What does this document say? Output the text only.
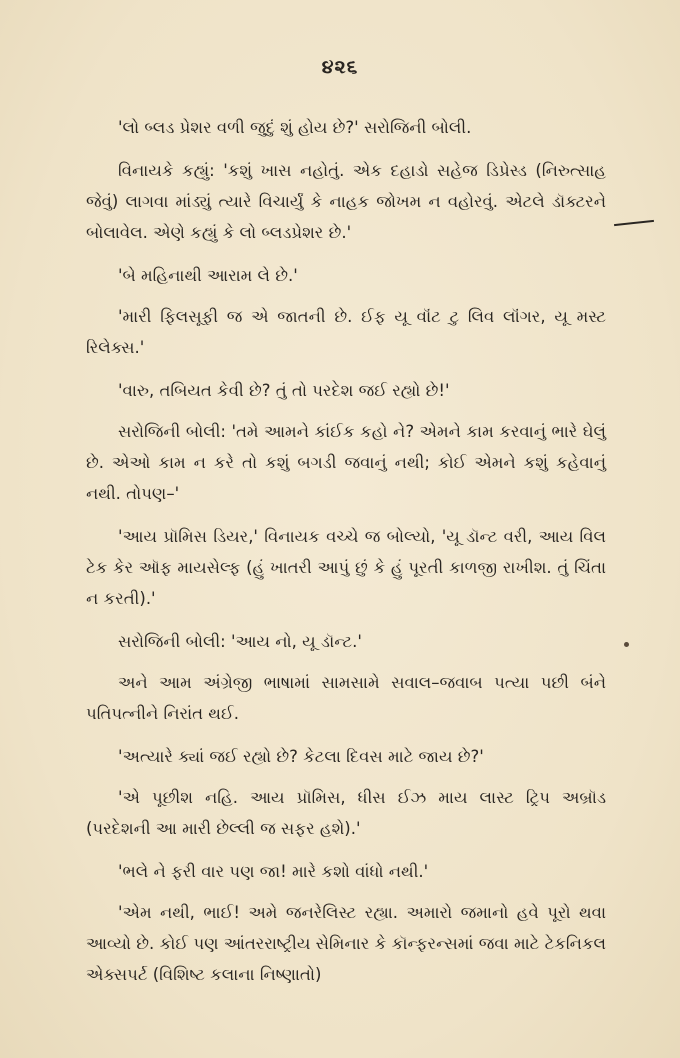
૪૨૬

'લો બ્લડ પ્રેશર વળી જુદું શું હોય છે?' સરોજિની બોલી.

વિનાયકે કહ્યું: 'કશું ખાસ નહોતું. એક દહાડો સહેજ ડિપ્રેસ્ડ (નિરુત્સાહ જેવું) લાગવા માંડ્યું ત્યારે વિચાર્યું કે નાહક જોખમ ન વહોરવું. એટલે ડૉક્ટરને બોલાવેલ. એણે કહ્યું કે લો બ્લડપ્રેશર છે.'

'બે મહિનાથી આરામ લે છે.'

'મારી ફિલસૂફી જ એ જાતની છે. ઈફ યૂ વૉંટ ટુ લિવ લૉંગર, યૂ મસ્ટ રિલેક્સ.'

'વારુ, તબિયત કેવી છે? તું તો પરદેશ જઈ રહ્યો છે!'

સરોજિની બોલી: 'તમે આમને કાંઈક કહો ને? એમને કામ કરવાનું ભારે ઘેલું છે. એઓ કામ ન કરે તો કશું બગડી જવાનું નથી; કોઈ એમને કશું કહેવાનું નથી. તોપણ–'

'આય પ્રૉમિસ ડિયર,' વિનાયક વચ્ચે જ બોલ્યો, 'યૂ ડૉન્ટ વરી, આય વિલ ટેક કેર ઑફ માયસેલ્ફ (હું ખાતરી આપું છું કે હું પૂરતી કાળજી રાખીશ. તું ચિંતા ન કરતી).'

સરોજિની બોલી: 'આય નો, યૂ ડૉન્ટ.'

અને આમ અંગ્રેજી ભાષામાં સામસામે સવાલ–જવાબ પત્યા પછી બંને પતિપત્નીને નિરાંત થઈ.

'અત્યારે ક્યાં જઈ રહ્યો છે? કેટલા દિવસ માટે જાય છે?'

'એ પૂછીશ નહિ. આય પ્રૉમિસ, ધીસ ઈઝ માય લાસ્ટ ટ્રિપ અબ્રૉડ (પરદેશની આ મારી છેલ્લી જ સફર હશે).'

'ભલે ને ફરી વાર પણ જા! મારે કશો વાંધો નથી.'

'એમ નથી, ભાઈ! અમે જનરેલિસ્ટ રહ્યા. અમારો જમાનો હવે પૂરો થવા આવ્યો છે. કોઈ પણ આંતરરાષ્ટ્રીય સેમિનાર કે કૉન્ફરન્સમાં જવા માટે ટેકનિકલ એક્સપર્ટ (વિશિષ્ટ કલાના નિષ્ણાતો)
